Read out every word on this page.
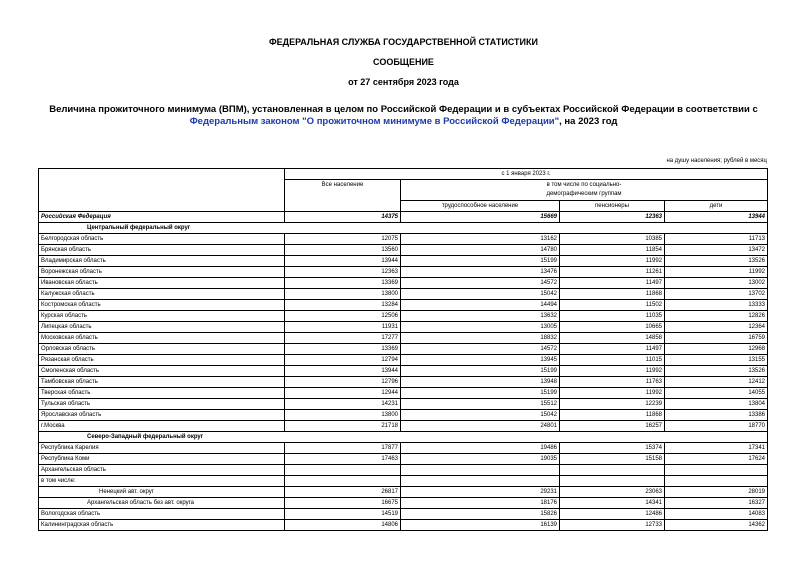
ФЕДЕРАЛЬНАЯ СЛУЖБА ГОСУДАРСТВЕННОЙ СТАТИСТИКИ
СООБЩЕНИЕ
от 27 сентября 2023 года
Величина прожиточного минимума (ВПМ), установленная в целом по Российской Федерации и в субъектах Российской Федерации в соответствии с
Федеральным законом "О прожиточном минимуме в Российской Федерации", на 2023 год
на душу населения; рублей в месяц
	с 1 января 2023 г.			
	Все население	в том числе по социально-
демографическим группам		

		трудоспособное население	пенсионеры	дети
Российская Федерация	14375	15669	12363	13944
Центральный федеральный округ				
Белгородская область	12075	13162	10385	11713
Брянская область	13560	14780	11854	13472
Владимирская область	13944	15199	11992	13526
Воронежская область	12363	13476	11261	11992
Ивановская область	13369	14572	11497	13002
Калужская область	13800	15042	11868	13702
Костромская область	13284	14494	11502	13333
Курская область	12506	13632	11035	12826
Липецкая область	11931	13005	10665	12364
Московская область	17277	18832	14858	16759
Орловская область	13369	14572	11497	12968
Рязанская область	12794	13945	11015	13155
Смоленская область	13944	15199	11992	13526
Тамбовская область	12796	13948	11763	12412
Тверская область	12944	15199	11992	14055
Тульская область	14231	15512	12239	13804
Ярославская область	13800	15042	11868	13386
г.Москва	21718	24801	16257	18770
Северо-Западный федеральный округ				
Республика Карелия	17877	19486	15374	17341
Республика Коми	17463	19035	15158	17624
Архангельская область				
в том числе:				
Ненецкий авт. округ	26817	29231	23063	28019
Архангельская область без авт. округа	16675	18176	14341	16327
Вологодская область	14519	15826	12486	14083
Калининградская область	14806	16139	12733	14362
